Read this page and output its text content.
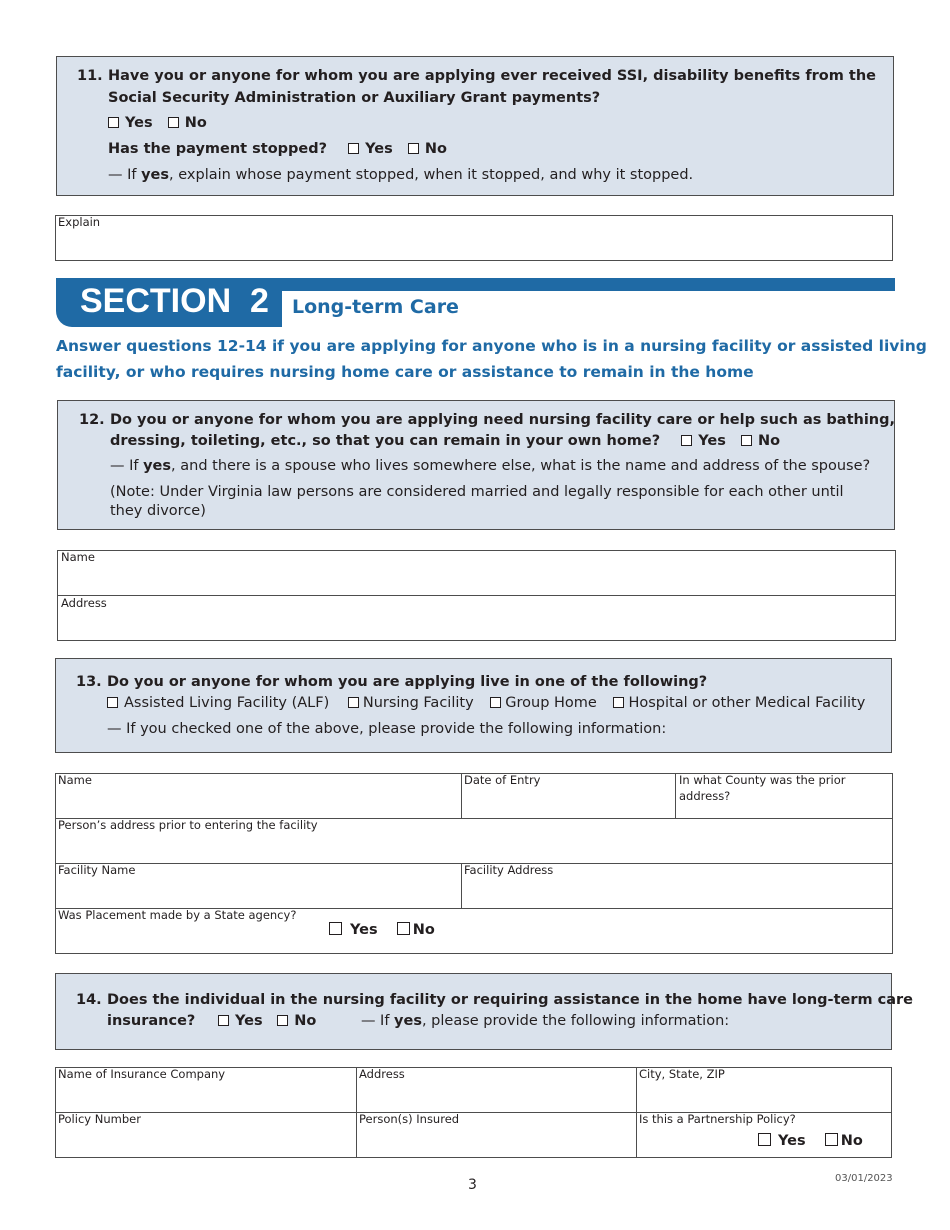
11. Have you or anyone for whom you are applying ever received SSI, disability benefits from the
Social Security Administration or Auxiliary Grant payments?
Yes No
Has the payment stopped?	Yes No
— If yes, explain whose payment stopped, when it stopped, and why it stopped.
Explain
SECTION  2 Long-term Care
Answer questions 12-14 if you are applying for anyone who is in a nursing facility or assisted living
facility, or who requires nursing home care or assistance to remain in the home
12. Do you or anyone for whom you are applying need nursing facility care or help such as bathing,
dressing, toileting, etc., so that you can remain in your own home?	Yes No
— If yes, and there is a spouse who lives somewhere else, what is the name and address of the spouse?
(Note: Under Virginia law persons are considered married and legally responsible for each other until
they divorce)
Name
Address
13. Do you or anyone for whom you are applying live in one of the following?
Assisted Living Facility (ALF) Nursing Facility Group Home Hospital or other Medical Facility
— If you checked one of the above, please provide the following information:
Name	Date of Entry	In what County was the prior
address?
Person’s address prior to entering the facility
Facility Name	Facility Address
Was Placement made by a State agency?
Yes No
14. Does the individual in the nursing facility or requiring assistance in the home have long-term care
insurance?	Yes No	— If yes, please provide the following information:
Name of Insurance Company	Address	City, State, ZIP
Policy Number	Person(s) Insured	Is this a Partnership Policy?
Yes No
3	03/01/2023
